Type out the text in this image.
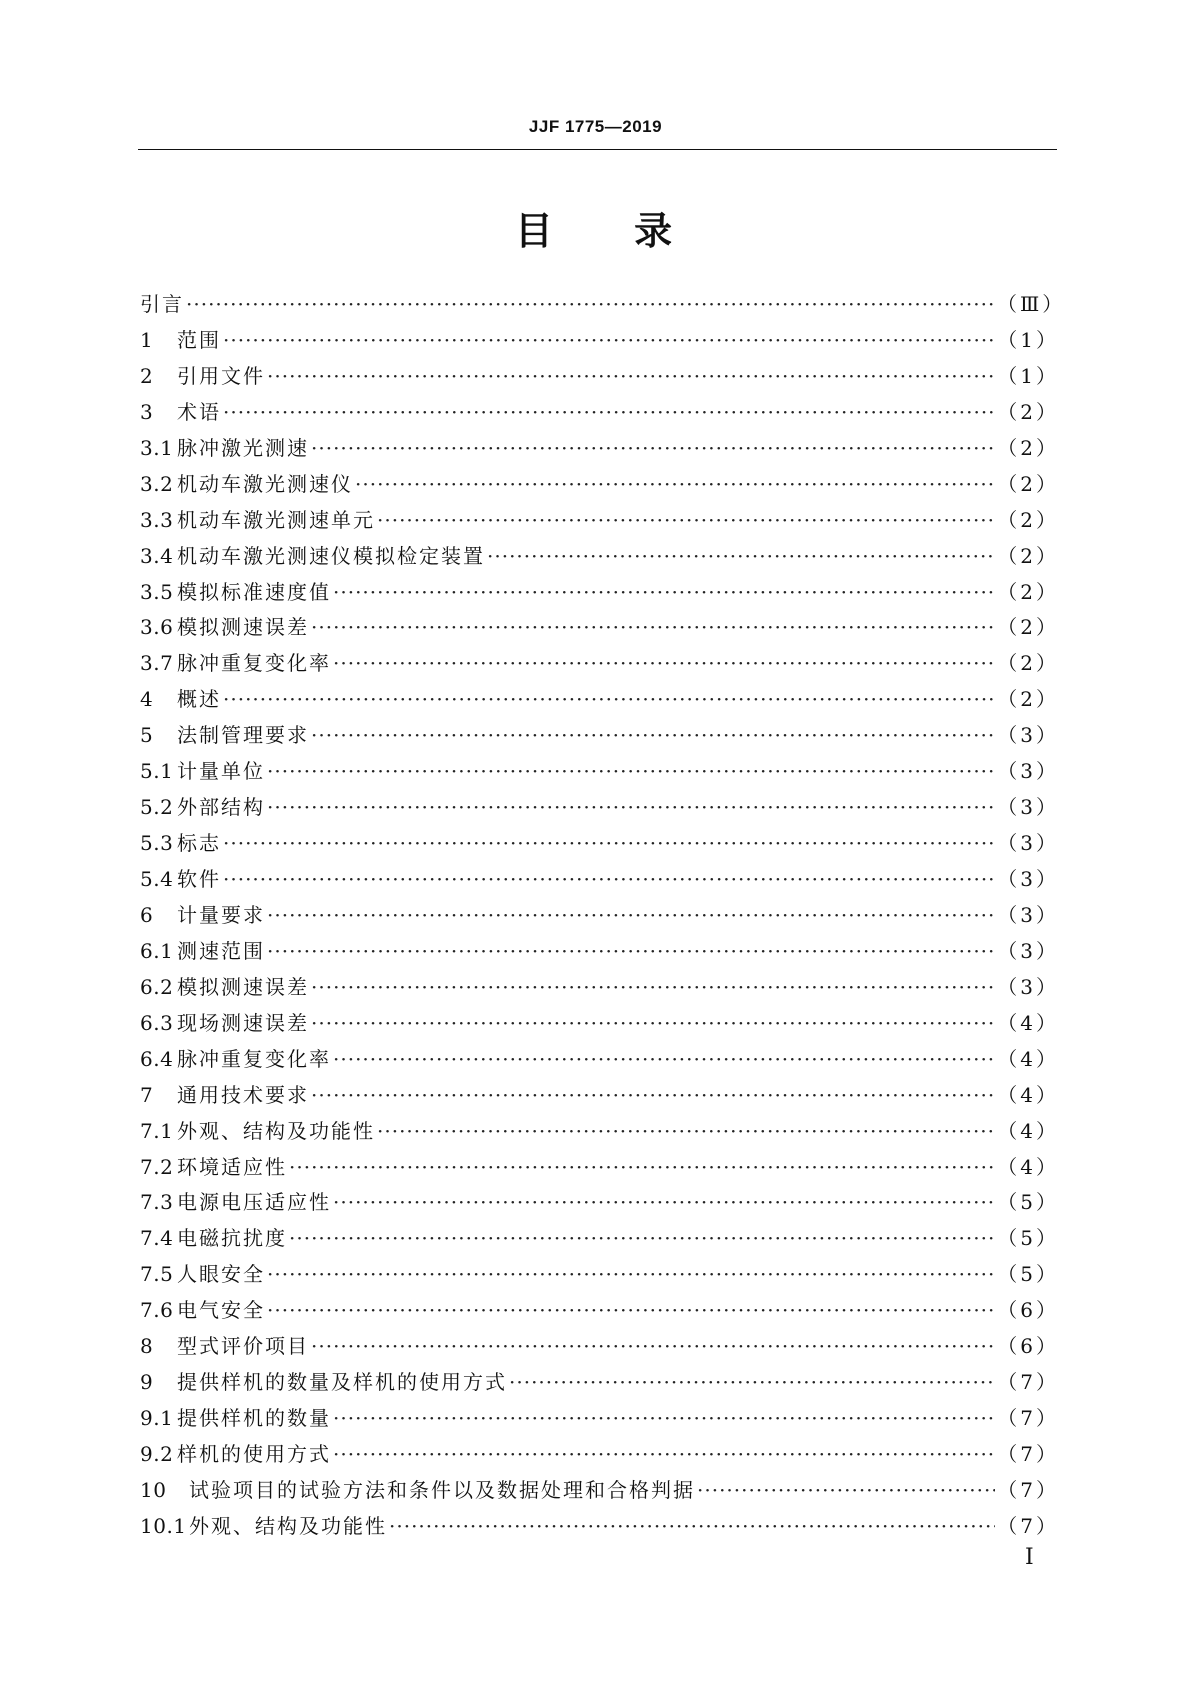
JJF 1775—2019
目 录
引言 ·····	（Ⅲ）
1	范围 ·····	（1）
2	引用文件 ·····	（1）
3	术语 ·····	（2）
3.1 脉冲激光测速 ·····	（2）
3.2 机动车激光测速仪 ·····	（2）
3.3 机动车激光测速单元 ·····	（2）
3.4 机动车激光测速仪模拟检定装置 ·····	（2）
3.5 模拟标准速度值 ·····	（2）
3.6 模拟测速误差 ·····	（2）
3.7 脉冲重复变化率 ·····	（2）
4	概述 ·····	（2）
5	法制管理要求 ·····	（3）
5.1 计量单位 ·····	（3）
5.2 外部结构 ·····	（3）
5.3 标志 ·····	（3）
5.4 软件 ·····	（3）
6	计量要求 ·····	（3）
6.1 测速范围 ·····	（3）
6.2 模拟测速误差 ·····	（3）
6.3 现场测速误差 ·····	（4）
6.4 脉冲重复变化率 ·····	（4）
7	通用技术要求 ·····	（4）
7.1 外观、结构及功能性 ·····	（4）
7.2 环境适应性 ·····	（4）
7.3 电源电压适应性 ·····	（5）
7.4 电磁抗扰度 ·····	（5）
7.5 人眼安全 ·····	（5）
7.6 电气安全 ·····	（6）
8	型式评价项目 ·····	（6）
9	提供样机的数量及样机的使用方式 ·····	（7）
9.1 提供样机的数量 ·····	（7）
9.2 样机的使用方式 ·····	（7）
10	试验项目的试验方法和条件以及数据处理和合格判据 ·····	（7）
10.1 外观、结构及功能性 ·····	（7）
Ⅰ
